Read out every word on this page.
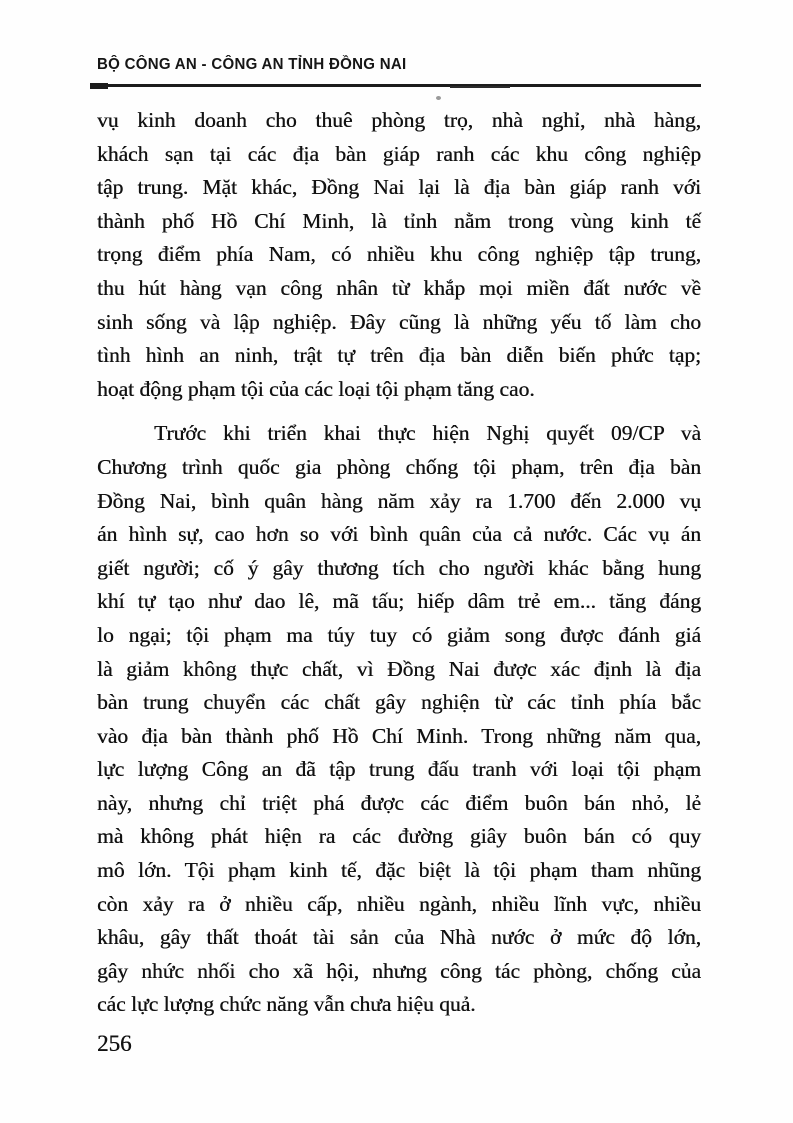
BỘ CÔNG AN - CÔNG AN TỈNH ĐỒNG NAI
vụ kinh doanh cho thuê phòng trọ, nhà nghỉ, nhà hàng,
khách sạn tại các địa bàn giáp ranh các khu công nghiệp
tập trung. Mặt khác, Đồng Nai lại là địa bàn giáp ranh với
thành phố Hồ Chí Minh, là tỉnh nằm trong vùng kinh tế
trọng điểm phía Nam, có nhiều khu công nghiệp tập trung,
thu hút hàng vạn công nhân từ khắp mọi miền đất nước về
sinh sống và lập nghiệp. Đây cũng là những yếu tố làm cho
tình hình an ninh, trật tự trên địa bàn diễn biến phức tạp;
hoạt động phạm tội của các loại tội phạm tăng cao.
Trước khi triển khai thực hiện Nghị quyết 09/CP và
Chương trình quốc gia phòng chống tội phạm, trên địa bàn
Đồng Nai, bình quân hàng năm xảy ra 1.700 đến 2.000 vụ
án hình sự, cao hơn so với bình quân của cả nước. Các vụ án
giết người; cố ý gây thương tích cho người khác bằng hung
khí tự tạo như dao lê, mã tấu; hiếp dâm trẻ em... tăng đáng
lo ngại; tội phạm ma túy tuy có giảm song được đánh giá
là giảm không thực chất, vì Đồng Nai được xác định là địa
bàn trung chuyển các chất gây nghiện từ các tỉnh phía bắc
vào địa bàn thành phố Hồ Chí Minh. Trong những năm qua,
lực lượng Công an đã tập trung đấu tranh với loại tội phạm
này, nhưng chỉ triệt phá được các điểm buôn bán nhỏ, lẻ
mà không phát hiện ra các đường giây buôn bán có quy
mô lớn. Tội phạm kinh tế, đặc biệt là tội phạm tham nhũng
còn xảy ra ở nhiều cấp, nhiều ngành, nhiều lĩnh vực, nhiều
khâu, gây thất thoát tài sản của Nhà nước ở mức độ lớn,
gây nhức nhối cho xã hội, nhưng công tác phòng, chống của
các lực lượng chức năng vẫn chưa hiệu quả.
256
